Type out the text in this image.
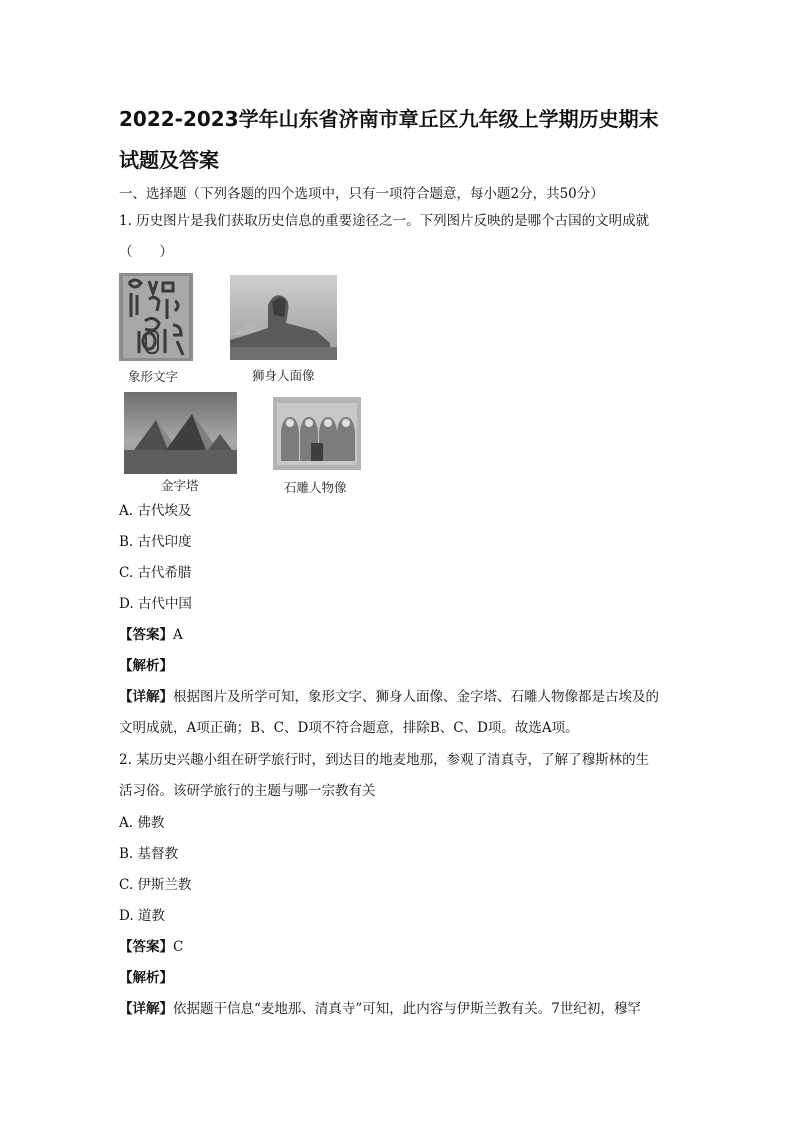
2022-2023学年山东省济南市章丘区九年级上学期历史期末
试题及答案
一、选择题（下列各题的四个选项中，只有一项符合题意，每小题2分，共50分）
1. 历史图片是我们获取历史信息的重要途径之一。下列图片反映的是哪个古国的文明成就
（　　）
象形文字	狮身人面像
金字塔	石雕人物像
A. 古代埃及
B. 古代印度
C. 古代希腊
D. 古代中国
【答案】A
【解析】
【详解】根据图片及所学可知，象形文字、狮身人面像、金字塔、石雕人物像都是古埃及的
文明成就，A项正确；B、C、D项不符合题意，排除B、C、D项。故选A项。
2. 某历史兴趣小组在研学旅行时，到达目的地麦地那，参观了清真寺，了解了穆斯林的生
活习俗。该研学旅行的主题与哪一宗教有关
A. 佛教
B. 基督教
C. 伊斯兰教
D. 道教
【答案】C
【解析】
【详解】依据题干信息“麦地那、清真寺”可知，此内容与伊斯兰教有关。7世纪初，穆罕
